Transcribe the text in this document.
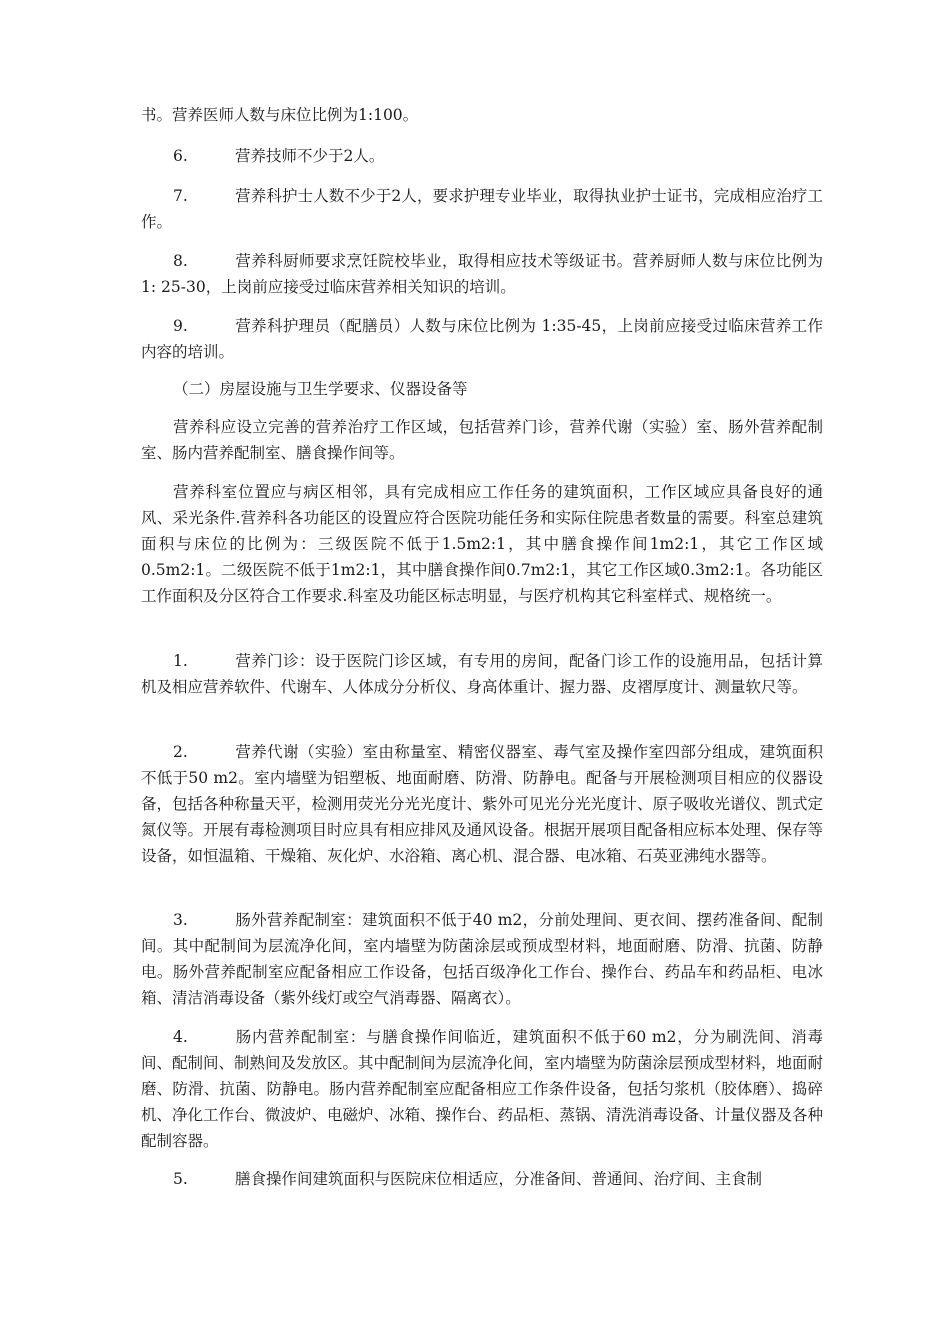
书。营养医师人数与床位比例为1:100。

6.	营养技师不少于2人。

7.	营养科护士人数不少于2人，要求护理专业毕业，取得执业护士证书，完成相应治疗工作。

8.	营养科厨师要求烹饪院校毕业，取得相应技术等级证书。营养厨师人数与床位比例为1: 25-30，上岗前应接受过临床营养相关知识的培训。

9.	营养科护理员（配膳员）人数与床位比例为 1:35-45，上岗前应接受过临床营养工作内容的培训。

（二）房屋设施与卫生学要求、仪器设备等

营养科应设立完善的营养治疗工作区域，包括营养门诊，营养代谢（实验）室、肠外营养配制室、肠内营养配制室、膳食操作间等。

营养科室位置应与病区相邻，具有完成相应工作任务的建筑面积，工作区域应具备良好的通风、采光条件.营养科各功能区的设置应符合医院功能任务和实际住院患者数量的需要。科室总建筑面积与床位的比例为：三级医院不低于1.5m2:1，其中膳食操作间1m2:1，其它工作区域0.5m2:1。二级医院不低于1m2:1，其中膳食操作间0.7m2:1，其它工作区域0.3m2:1。各功能区工作面积及分区符合工作要求.科室及功能区标志明显，与医疗机构其它科室样式、规格统一。

1.	营养门诊：设于医院门诊区域，有专用的房间，配备门诊工作的设施用品，包括计算机及相应营养软件、代谢车、人体成分分析仪、身高体重计、握力器、皮褶厚度计、测量软尺等。

2.	营养代谢（实验）室由称量室、精密仪器室、毒气室及操作室四部分组成，建筑面积不低于50 m2。室内墙壁为铝塑板、地面耐磨、防滑、防静电。配备与开展检测项目相应的仪器设备，包括各种称量天平，检测用荧光分光光度计、紫外可见光分光光度计、原子吸收光谱仪、凯式定氮仪等。开展有毒检测项目时应具有相应排风及通风设备。根据开展项目配备相应标本处理、保存等设备，如恒温箱、干燥箱、灰化炉、水浴箱、离心机、混合器、电冰箱、石英亚沸纯水器等。

3.	肠外营养配制室：建筑面积不低于40 m2，分前处理间、更衣间、摆药准备间、配制间。其中配制间为层流净化间，室内墙壁为防菌涂层或预成型材料，地面耐磨、防滑、抗菌、防静电。肠外营养配制室应配备相应工作设备，包括百级净化工作台、操作台、药品车和药品柜、电冰箱、清洁消毒设备（紫外线灯或空气消毒器、隔离衣）。

4.	肠内营养配制室：与膳食操作间临近，建筑面积不低于60 m2，分为刷洗间、消毒间、配制间、制熟间及发放区。其中配制间为层流净化间，室内墙壁为防菌涂层预成型材料，地面耐磨、防滑、抗菌、防静电。肠内营养配制室应配备相应工作条件设备，包括匀浆机（胶体磨）、捣碎机、净化工作台、微波炉、电磁炉、冰箱、操作台、药品柜、蒸锅、清洗消毒设备、计量仪器及各种配制容器。

5.	膳食操作间建筑面积与医院床位相适应，分准备间、普通间、治疗间、主食制
